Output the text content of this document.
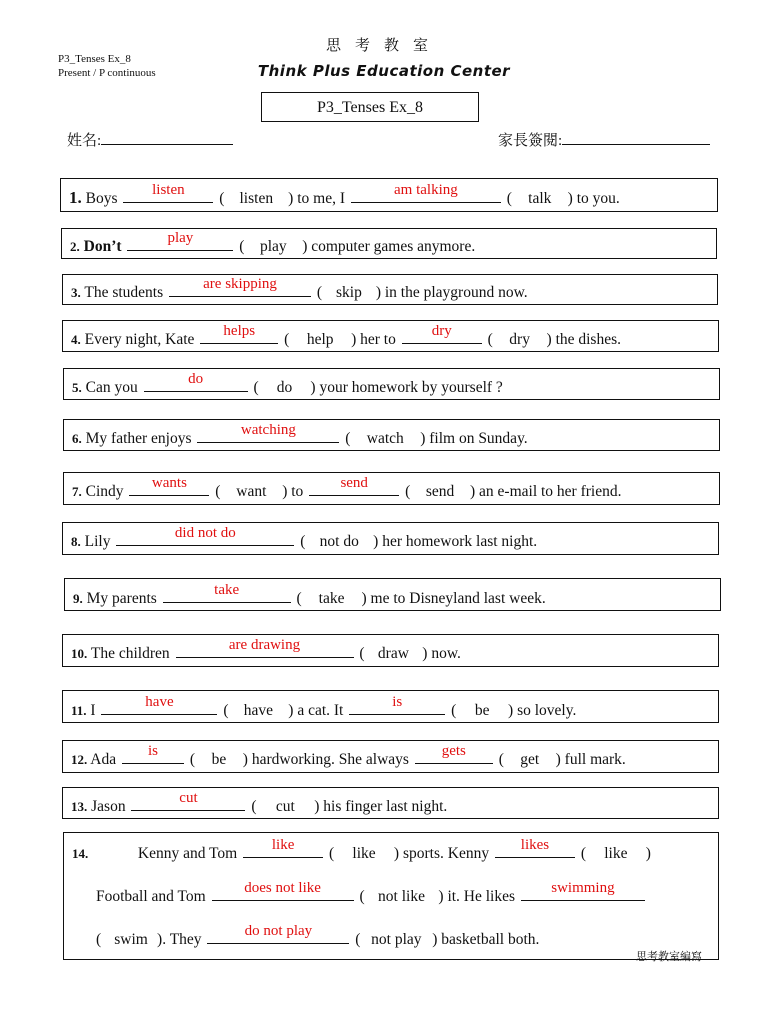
思考教室
Think Plus Education Center
P3_Tenses Ex_8
Present / P continuous
P3_Tenses Ex_8
姓名:	家長簽閱:
1. Boys	listen	( listen ) to me, I	am talking	( talk ) to you.
2. Don’t	play	( play ) computer games anymore.
3. The students	are skipping	( skip ) in the playground now.
4. Every night, Kate	helps	( help ) her to	dry	( dry ) the dishes.
5. Can you	do	( do ) your homework by yourself ?
6. My father enjoys	watching	( watch ) film on Sunday.
7. Cindy	wants	( want ) to	send	( send ) an e-mail to her friend.
8. Lily	did not do	( not do ) her homework last night.
9. My parents	take	( take ) me to Disneyland last week.
10. The children	are drawing	( draw ) now.
11. I	have	( have ) a cat. It	is	( be ) so lovely.
12. Ada	is	( be ) hardworking. She always	gets	( get ) full mark.
13. Jason	cut	( cut ) his finger last night.
14.	Kenny and Tom	like	( like ) sports. Kenny	likes	( like )
Football and Tom	does not like	( not like ) it. He likes	swimming
( swim ). They	do not play	( not play ) basketball both.
思考教室編寫
